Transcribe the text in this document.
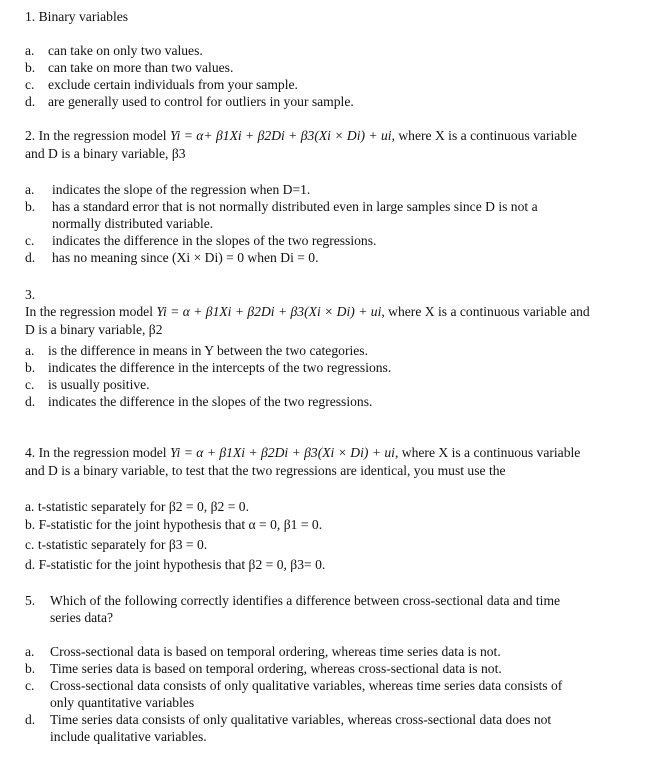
1. Binary variables
a. can take on only two values.
b. can take on more than two values.
c. exclude certain individuals from your sample.
d. are generally used to control for outliers in your sample.
2. In the regression model Yi = α+ β1Xi + β2Di + β3(Xi × Di) + ui, where X is a continuous variable
and D is a binary variable, β3
a. indicates the slope of the regression when D=1.
b. has a standard error that is not normally distributed even in large samples since D is not a
normally distributed variable.
c. indicates the difference in the slopes of the two regressions.
d. has no meaning since (Xi × Di) = 0 when Di = 0.
3.
In the regression model Yi = α + β1Xi + β2Di + β3(Xi × Di) + ui, where X is a continuous variable and
D is a binary variable, β2
a. is the difference in means in Y between the two categories.
b. indicates the difference in the intercepts of the two regressions.
c. is usually positive.
d. indicates the difference in the slopes of the two regressions.
4. In the regression model Yi = α + β1Xi + β2Di + β3(Xi × Di) + ui, where X is a continuous variable
and D is a binary variable, to test that the two regressions are identical, you must use the
a. t-statistic separately for β2 = 0, β2 = 0.
b. F-statistic for the joint hypothesis that α = 0, β1 = 0.
c. t-statistic separately for β3 = 0.
d. F-statistic for the joint hypothesis that β2 = 0, β3= 0.
5. Which of the following correctly identifies a difference between cross-sectional data and time
series data?
a. Cross-sectional data is based on temporal ordering, whereas time series data is not.
b. Time series data is based on temporal ordering, whereas cross-sectional data is not.
c. Cross-sectional data consists of only qualitative variables, whereas time series data consists of
only quantitative variables
d. Time series data consists of only qualitative variables, whereas cross-sectional data does not
include qualitative variables.
